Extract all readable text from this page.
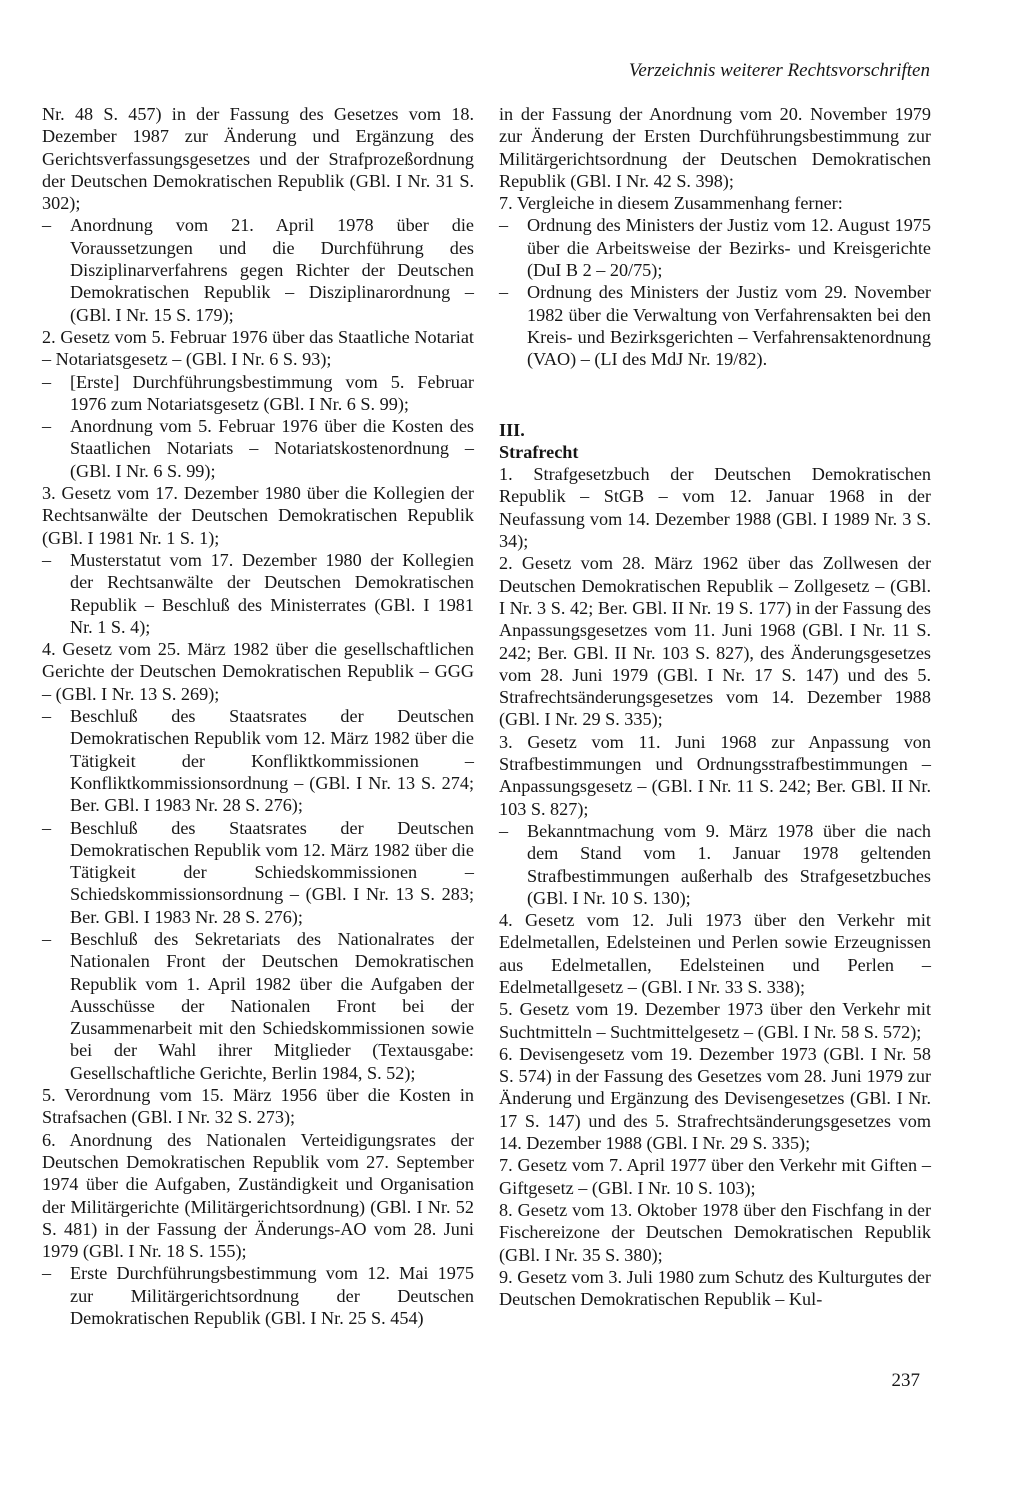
Verzeichnis weiterer Rechtsvorschriften
Nr. 48 S. 457) in der Fassung des Gesetzes vom 18. Dezember 1987 zur Änderung und Ergänzung des Gerichtsverfassungsgesetzes und der Strafprozeßordnung der Deutschen Demokratischen Republik (GBl. I Nr. 31 S. 302);
– Anordnung vom 21. April 1978 über die Voraussetzungen und die Durchführung des Disziplinarverfahrens gegen Richter der Deutschen Demokratischen Republik – Disziplinarordnung – (GBl. I Nr. 15 S. 179);
2. Gesetz vom 5. Februar 1976 über das Staatliche Notariat – Notariatsgesetz – (GBl. I Nr. 6 S. 93);
– [Erste] Durchführungsbestimmung vom 5. Februar 1976 zum Notariatsgesetz (GBl. I Nr. 6 S. 99);
– Anordnung vom 5. Februar 1976 über die Kosten des Staatlichen Notariats – Notariatskostenordnung – (GBl. I Nr. 6 S. 99);
3. Gesetz vom 17. Dezember 1980 über die Kollegien der Rechtsanwälte der Deutschen Demokratischen Republik (GBl. I 1981 Nr. 1 S. 1);
– Musterstatut vom 17. Dezember 1980 der Kollegien der Rechtsanwälte der Deutschen Demokratischen Republik – Beschluß des Ministerrates (GBl. I 1981 Nr. 1 S. 4);
4. Gesetz vom 25. März 1982 über die gesellschaftlichen Gerichte der Deutschen Demokratischen Republik – GGG – (GBl. I Nr. 13 S. 269);
– Beschluß des Staatsrates der Deutschen Demokratischen Republik vom 12. März 1982 über die Tätigkeit der Konfliktkommissionen – Konfliktkommissionsordnung – (GBl. I Nr. 13 S. 274; Ber. GBl. I 1983 Nr. 28 S. 276);
– Beschluß des Staatsrates der Deutschen Demokratischen Republik vom 12. März 1982 über die Tätigkeit der Schiedskommissionen – Schiedskommissionsordnung – (GBl. I Nr. 13 S. 283; Ber. GBl. I 1983 Nr. 28 S. 276);
– Beschluß des Sekretariats des Nationalrates der Nationalen Front der Deutschen Demokratischen Republik vom 1. April 1982 über die Aufgaben der Ausschüsse der Nationalen Front bei der Zusammenarbeit mit den Schiedskommissionen sowie bei der Wahl ihrer Mitglieder (Textausgabe: Gesellschaftliche Gerichte, Berlin 1984, S. 52);
5. Verordnung vom 15. März 1956 über die Kosten in Strafsachen (GBl. I Nr. 32 S. 273);
6. Anordnung des Nationalen Verteidigungsrates der Deutschen Demokratischen Republik vom 27. September 1974 über die Aufgaben, Zuständigkeit und Organisation der Militärgerichte (Militärgerichtsordnung) (GBl. I Nr. 52 S. 481) in der Fassung der Änderungs-AO vom 28. Juni 1979 (GBl. I Nr. 18 S. 155);
– Erste Durchführungsbestimmung vom 12. Mai 1975 zur Militärgerichtsordnung der Deutschen Demokratischen Republik (GBl. I Nr. 25 S. 454)
in der Fassung der Anordnung vom 20. November 1979 zur Änderung der Ersten Durchführungsbestimmung zur Militärgerichtsordnung der Deutschen Demokratischen Republik (GBl. I Nr. 42 S. 398);
7. Vergleiche in diesem Zusammenhang ferner:
– Ordnung des Ministers der Justiz vom 12. August 1975 über die Arbeitsweise der Bezirks- und Kreisgerichte (DuI B 2 – 20/75);
– Ordnung des Ministers der Justiz vom 29. November 1982 über die Verwaltung von Verfahrensakten bei den Kreis- und Bezirksgerichten – Verfahrensaktenordnung (VAO) – (LI des MdJ Nr. 19/82).
III.
Strafrecht
1. Strafgesetzbuch der Deutschen Demokratischen Republik – StGB – vom 12. Januar 1968 in der Neufassung vom 14. Dezember 1988 (GBl. I 1989 Nr. 3 S. 34);
2. Gesetz vom 28. März 1962 über das Zollwesen der Deutschen Demokratischen Republik – Zollgesetz – (GBl. I Nr. 3 S. 42; Ber. GBl. II Nr. 19 S. 177) in der Fassung des Anpassungsgesetzes vom 11. Juni 1968 (GBl. I Nr. 11 S. 242; Ber. GBl. II Nr. 103 S. 827), des Änderungsgesetzes vom 28. Juni 1979 (GBl. I Nr. 17 S. 147) und des 5. Strafrechtsänderungsgesetzes vom 14. Dezember 1988 (GBl. I Nr. 29 S. 335);
3. Gesetz vom 11. Juni 1968 zur Anpassung von Strafbestimmungen und Ordnungsstrafbestimmungen – Anpassungsgesetz – (GBl. I Nr. 11 S. 242; Ber. GBl. II Nr. 103 S. 827);
– Bekanntmachung vom 9. März 1978 über die nach dem Stand vom 1. Januar 1978 geltenden Strafbestimmungen außerhalb des Strafgesetzbuches (GBl. I Nr. 10 S. 130);
4. Gesetz vom 12. Juli 1973 über den Verkehr mit Edelmetallen, Edelsteinen und Perlen sowie Erzeugnissen aus Edelmetallen, Edelsteinen und Perlen – Edelmetallgesetz – (GBl. I Nr. 33 S. 338);
5. Gesetz vom 19. Dezember 1973 über den Verkehr mit Suchtmitteln – Suchtmittelgesetz – (GBl. I Nr. 58 S. 572);
6. Devisengesetz vom 19. Dezember 1973 (GBl. I Nr. 58 S. 574) in der Fassung des Gesetzes vom 28. Juni 1979 zur Änderung und Ergänzung des Devisengesetzes (GBl. I Nr. 17 S. 147) und des 5. Strafrechtsänderungsgesetzes vom 14. Dezember 1988 (GBl. I Nr. 29 S. 335);
7. Gesetz vom 7. April 1977 über den Verkehr mit Giften – Giftgesetz – (GBl. I Nr. 10 S. 103);
8. Gesetz vom 13. Oktober 1978 über den Fischfang in der Fischereizone der Deutschen Demokratischen Republik (GBl. I Nr. 35 S. 380);
9. Gesetz vom 3. Juli 1980 zum Schutz des Kulturgutes der Deutschen Demokratischen Republik – Kul-
237
